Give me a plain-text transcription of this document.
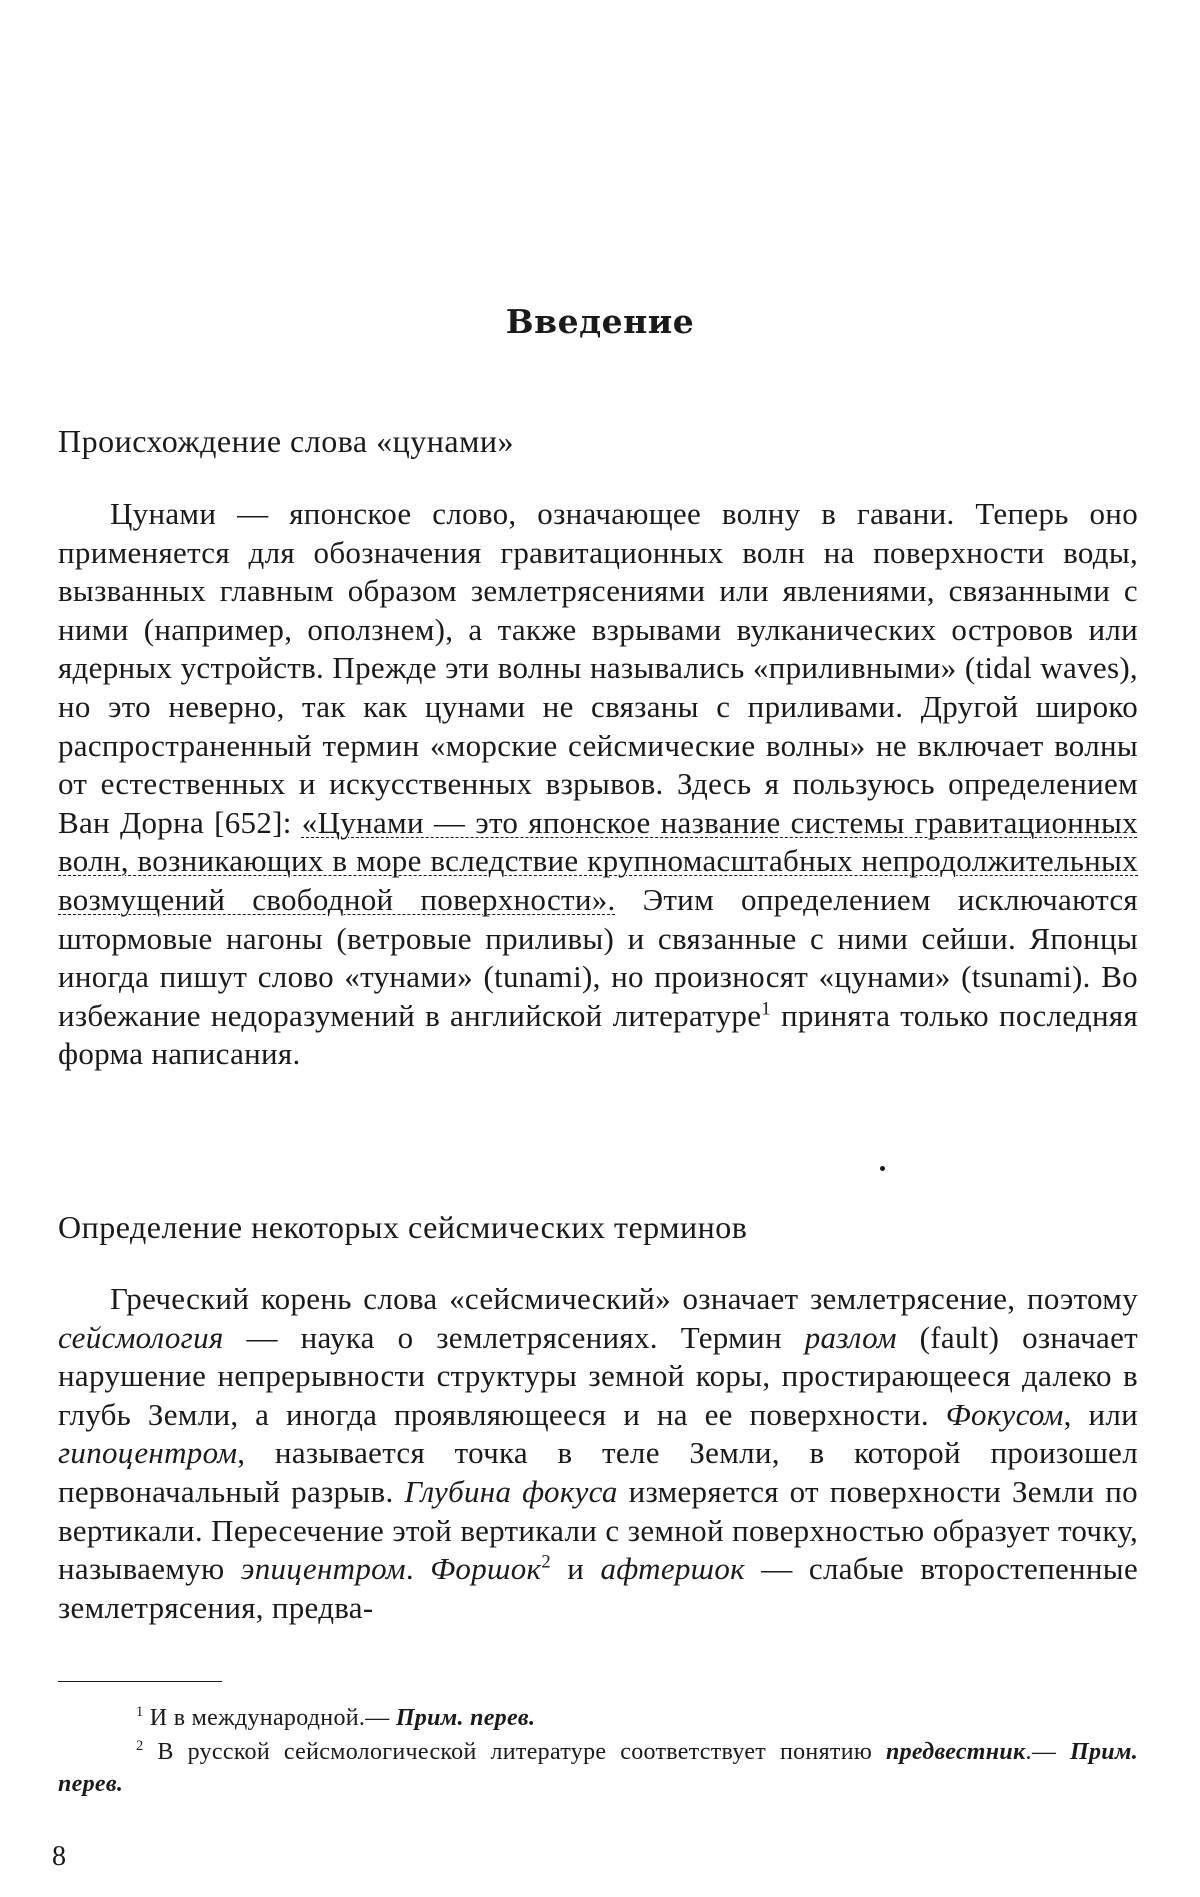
Введение
Происхождение слова «цунами»

Цунами — японское слово, означающее волну в гавани. Теперь оно применяется для обозначения гравитационных волн на поверхности воды, вызванных главным образом землетрясениями или явлениями, связанными с ними (например, оползнем), а также взрывами вулканических островов или ядерных устройств. Прежде эти волны назывались «приливными» (tidal waves), но это неверно, так как цунами не связаны с приливами. Другой широко распространенный термин «морские сейсмические волны» не включает волны от естественных и искусственных взрывов. Здесь я пользуюсь определением Ван Дорна [652]: «Цунами — это японское название системы гравитационных волн, возникающих в море вследствие крупномасштабных непродолжительных возмущений свободной поверхности». Этим определением исключаются штормовые нагоны (ветровые приливы) и связанные с ними сейши. Японцы иногда пишут слово «тунами» (tunami), но произносят «цунами» (tsunami). Во избежание недоразумений в английской литературе$^1$ принята только последняя форма написания.

Определение некоторых сейсмических терминов

Греческий корень слова «сейсмический» означает землетрясение, поэтому сейсмология — наука о землетрясениях. Термин разлом (fault) означает нарушение непрерывности структуры земной коры, простирающееся далеко в глубь Земли, а иногда проявляющееся и на ее поверхности. Фокусом, или гипоцентром, называется точка в теле Земли, в которой произошел первоначальный разрыв. Глубина фокуса измеряется от поверхности Земли по вертикали. Пересечение этой вертикали с земной поверхностью образует точку, называемую эпицентром. Форшок$^2$ и афтершок — слабые второстепенные землетрясения, предва-

$^1$ И в международной.— Прим. перев.

$^2$ В русской сейсмологической литературе соответствует понятию предвестник.— Прим. перев.

8
